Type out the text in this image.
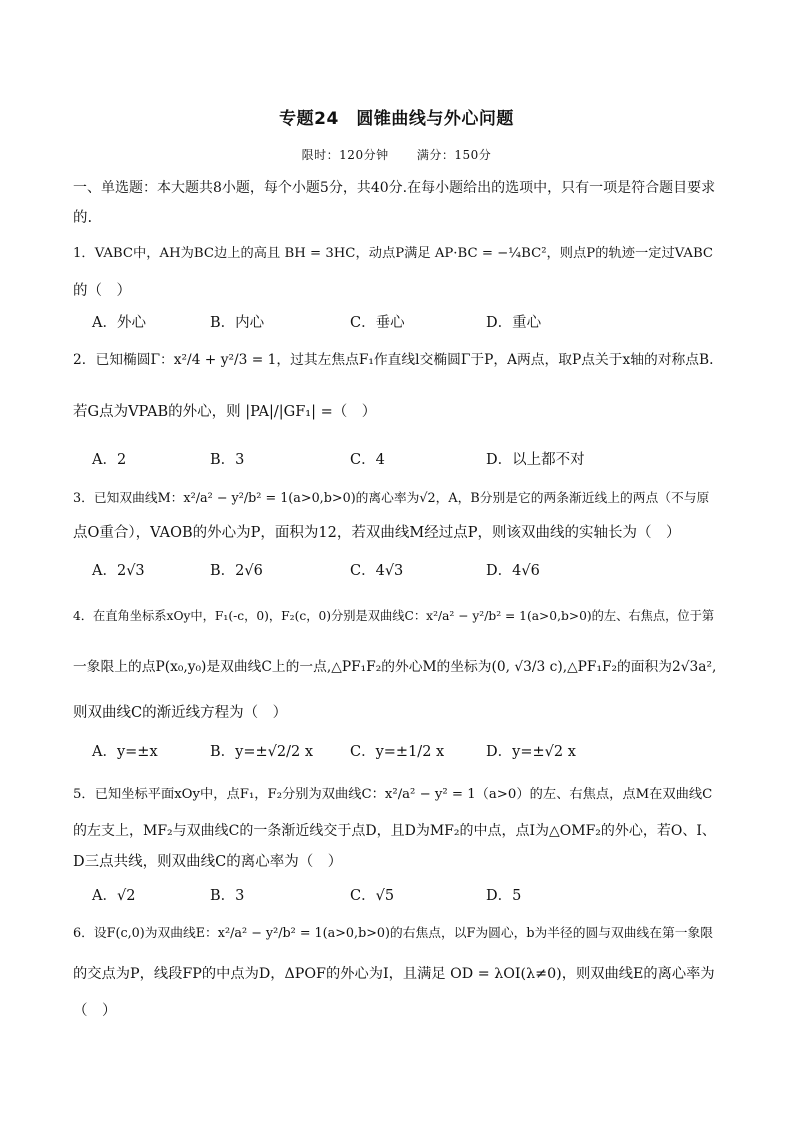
专题24　圆锥曲线与外心问题
限时：120分钟 满分：150分
一、单选题：本大题共8小题，每个小题5分，共40分.在每小题给出的选项中，只有一项是符合题目要求
的.
1．VABC中，AH为BC边上的高且 BH = 3HC，动点P满足 AP·BC = −¼BC²，则点P的轨迹一定过VABC
的（　）
A．外心	B．内心	C．垂心	D．重心
2．已知椭圆Γ：x²/4 + y²/3 = 1，过其左焦点F₁作直线l交椭圆Γ于P，A两点，取P点关于x轴的对称点B.
若G点为VPAB的外心，则 |PA|/|GF₁| =（　）
A．2	B．3	C．4	D．以上都不对
3．已知双曲线M：x²/a² − y²/b² = 1(a>0,b>0)的离心率为√2，A，B分别是它的两条渐近线上的两点（不与原
点O重合），VAOB的外心为P，面积为12，若双曲线M经过点P，则该双曲线的实轴长为（　）
A．2√3	B．2√6	C．4√3	D．4√6
4．在直角坐标系xOy中，F₁(-c，0)，F₂(c，0)分别是双曲线C：x²/a² − y²/b² = 1(a>0,b>0)的左、右焦点，位于第
一象限上的点P(x₀,y₀)是双曲线C上的一点,△PF₁F₂的外心M的坐标为(0, √3/3 c),△PF₁F₂的面积为2√3a²,
则双曲线C的渐近线方程为（　）
A．y=±x	B．y=±√2/2 x	C．y=±1/2 x	D．y=±√2 x
5．已知坐标平面xOy中，点F₁，F₂分别为双曲线C：x²/a² − y² = 1（a>0）的左、右焦点，点M在双曲线C
的左支上，MF₂与双曲线C的一条渐近线交于点D，且D为MF₂的中点，点I为△OMF₂的外心，若O、I、
D三点共线，则双曲线C的离心率为（　）
A．√2	B．3	C．√5	D．5
6．设F(c,0)为双曲线E：x²/a² − y²/b² = 1(a>0,b>0)的右焦点，以F为圆心，b为半径的圆与双曲线在第一象限
的交点为P，线段FP的中点为D，ΔPOF的外心为I，且满足 OD = λOI(λ≠0)，则双曲线E的离心率为
（　）
